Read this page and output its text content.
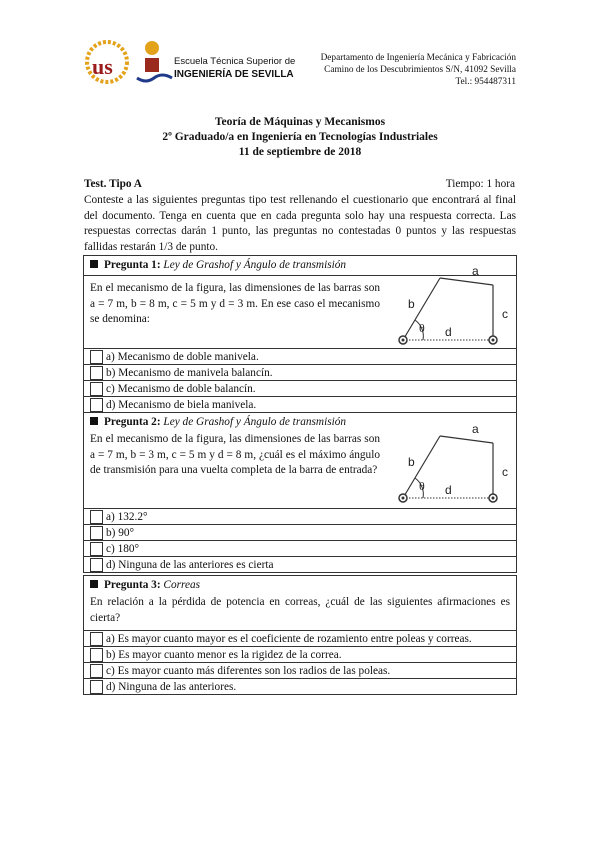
us	Escuela Técnica Superior de
INGENIERÍA DE SEVILLA
Departamento de Ingeniería Mecánica y Fabricación
Camino de los Descubrimientos S/N, 41092 Sevilla
Tel.: 954487311
Teoría de Máquinas y Mecanismos
2º Graduado/a en Ingeniería en Tecnologías Industriales
11 de septiembre de 2018
Test. Tipo A	Tiempo: 1 hora
Conteste a las siguientes preguntas tipo test rellenando el cuestionario que encontrará al final del documento. Tenga en cuenta que en cada pregunta solo hay una respuesta correcta. Las respuestas correctas darán 1 punto, las preguntas no contestadas 0 puntos y las respuestas fallidas restarán 1/3 de punto.
Pregunta 1: Ley de Grashof y Ángulo de transmisión
En el mecanismo de la figura, las dimensiones de las barras son a = 7 m, b = 8 m, c = 5 m y d = 3 m. En ese caso el mecanismo se denomina:
a) Mecanismo de doble manivela.
b) Mecanismo de manivela balancín.
c) Mecanismo de doble balancín.
d) Mecanismo de biela manivela.
Pregunta 2: Ley de Grashof y Ángulo de transmisión
En el mecanismo de la figura, las dimensiones de las barras son a = 7 m, b = 3 m, c = 5 m y d = 8 m, ¿cuál es el máximo ángulo de transmisión para una vuelta completa de la barra de entrada?
a) 132.2°
b) 90°
c) 180°
d) Ninguna de las anteriores es cierta
Pregunta 3: Correas
En relación a la pérdida de potencia en correas, ¿cuál de las siguientes afirmaciones es cierta?
a) Es mayor cuanto mayor es el coeficiente de rozamiento entre poleas y correas.
b) Es mayor cuanto menor es la rigidez de la correa.
c) Es mayor cuanto más diferentes son los radios de las poleas.
d) Ninguna de las anteriores.
a
b
c
d
θ
a
b
c
d
θ
